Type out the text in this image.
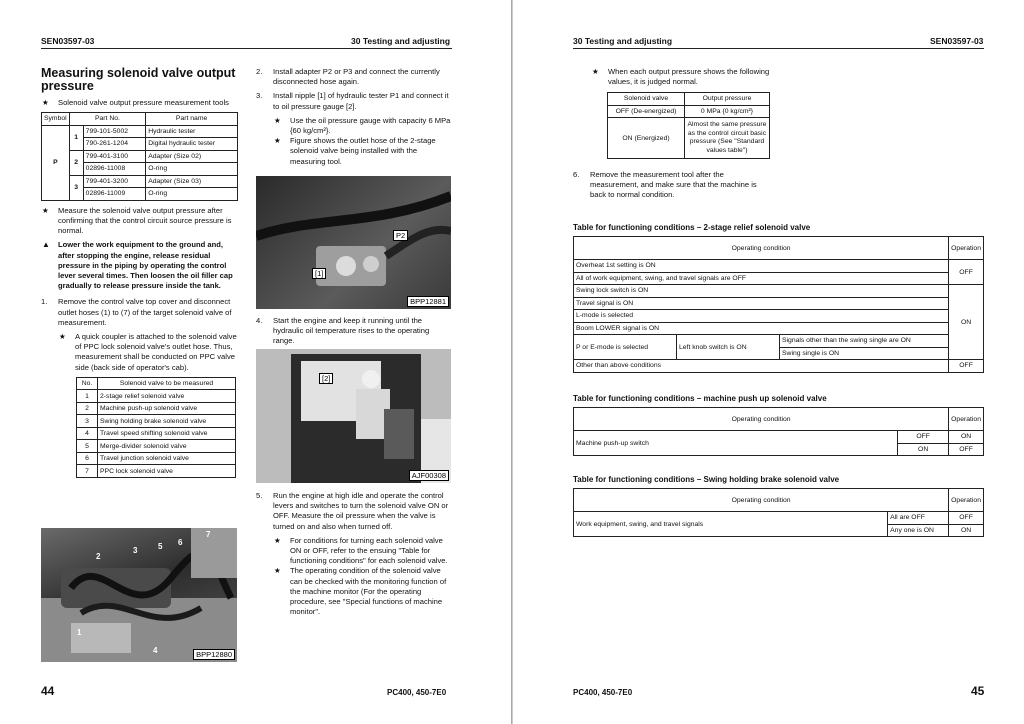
SEN03597-03	30 Testing and adjusting
Measuring solenoid valve output pressure

★ Solenoid valve output pressure measurement tools

Symbol	Part No.		Part name
P	1	799-101-5002	Hydraulic tester
		790-261-1204	Digital hydraulic tester
	2	799-401-3100	Adapter (Size 02)
		02896-11008	O-ring
	3	799-401-3200	Adapter (Size 03)
		02896-11009	O-ring

★ Measure the solenoid valve output pressure after confirming that the control circuit source pressure is normal.

▲ Lower the work equipment to the ground and, after stopping the engine, release residual pressure in the piping by operating the control lever several times. Then loosen the oil filler cap gradually to release pressure inside the tank.

1. Remove the control valve top cover and disconnect outlet hoses (1) to (7) of the target solenoid valve of measurement.

★ A quick coupler is attached to the solenoid valve of PPC lock solenoid valve's outlet hose. Thus, measurement shall be conducted on PPC valve side (back side of operator's cab).

No.	Solenoid valve to be measured
1	2-stage relief solenoid valve
2	Machine push-up solenoid valve
3	Swing holding brake solenoid valve
4	Travel speed shifting solenoid valve
5	Merge-divider solenoid valve
6	Travel junction solenoid valve
7	PPC lock solenoid valve
1
2
3
4
5 6
7
BPP12880

2. Install adapter P2 or P3 and connect the currently disconnected hose again.

3. Install nipple [1] of hydraulic tester P1 and connect it to oil pressure gauge [2].

★ Use the oil pressure gauge with capacity 6 MPa {60 kg/cm²}.

★ Figure shows the outlet hose of the 2-stage solenoid valve being installed with the measuring tool.

P2
[1]
BPP12881

4. Start the engine and keep it running until the hydraulic oil temperature rises to the operating range.

[2]
AJF00308

5. Run the engine at high idle and operate the control levers and switches to turn the solenoid valve ON or OFF. Measure the oil pressure when the valve is turned on and also when turned off.

★ For conditions for turning each solenoid valve ON or OFF, refer to the ensuing "Table for functioning conditions" for each solenoid valve.

★ The operating condition of the solenoid valve can be checked with the monitoring function of the machine monitor (For the operating procedure, see "Special functions of machine monitor".

44	PC400, 450-7E0
30 Testing and adjusting	SEN03597-03

★ When each output pressure shows the following values, it is judged normal.

Solenoid valve	Output pressure
OFF (De-energized)	0 MPa {0 kg/cm²}
ON (Energized)	Almost the same pressure as the control circuit basic pressure (See "Standard values table")

6. Remove the measurement tool after the measurement, and make sure that the machine is back to normal condition.

Table for functioning conditions – 2-stage relief solenoid valve
Operating condition			Operation
Overheat 1st setting is ON			OFF
All of work equipment, swing, and travel signals are OFF			
Swing lock switch is ON			ON
Travel signal is ON			
L-mode is selected			
Boom LOWER signal is ON			
P or E-mode is selected	Left knob switch is ON	Signals other than the swing single are ON	
		Swing single is ON	
Other than above conditions			OFF
Table for functioning conditions – machine push up solenoid valve
Operating condition		Operation
Machine push-up switch	OFF	ON
	ON	OFF
Table for functioning conditions – Swing holding brake solenoid valve
Operating condition		Operation
Work equipment, swing, and travel signals	All are OFF	OFF
	Any one is ON	ON
PC400, 450-7E0	45
